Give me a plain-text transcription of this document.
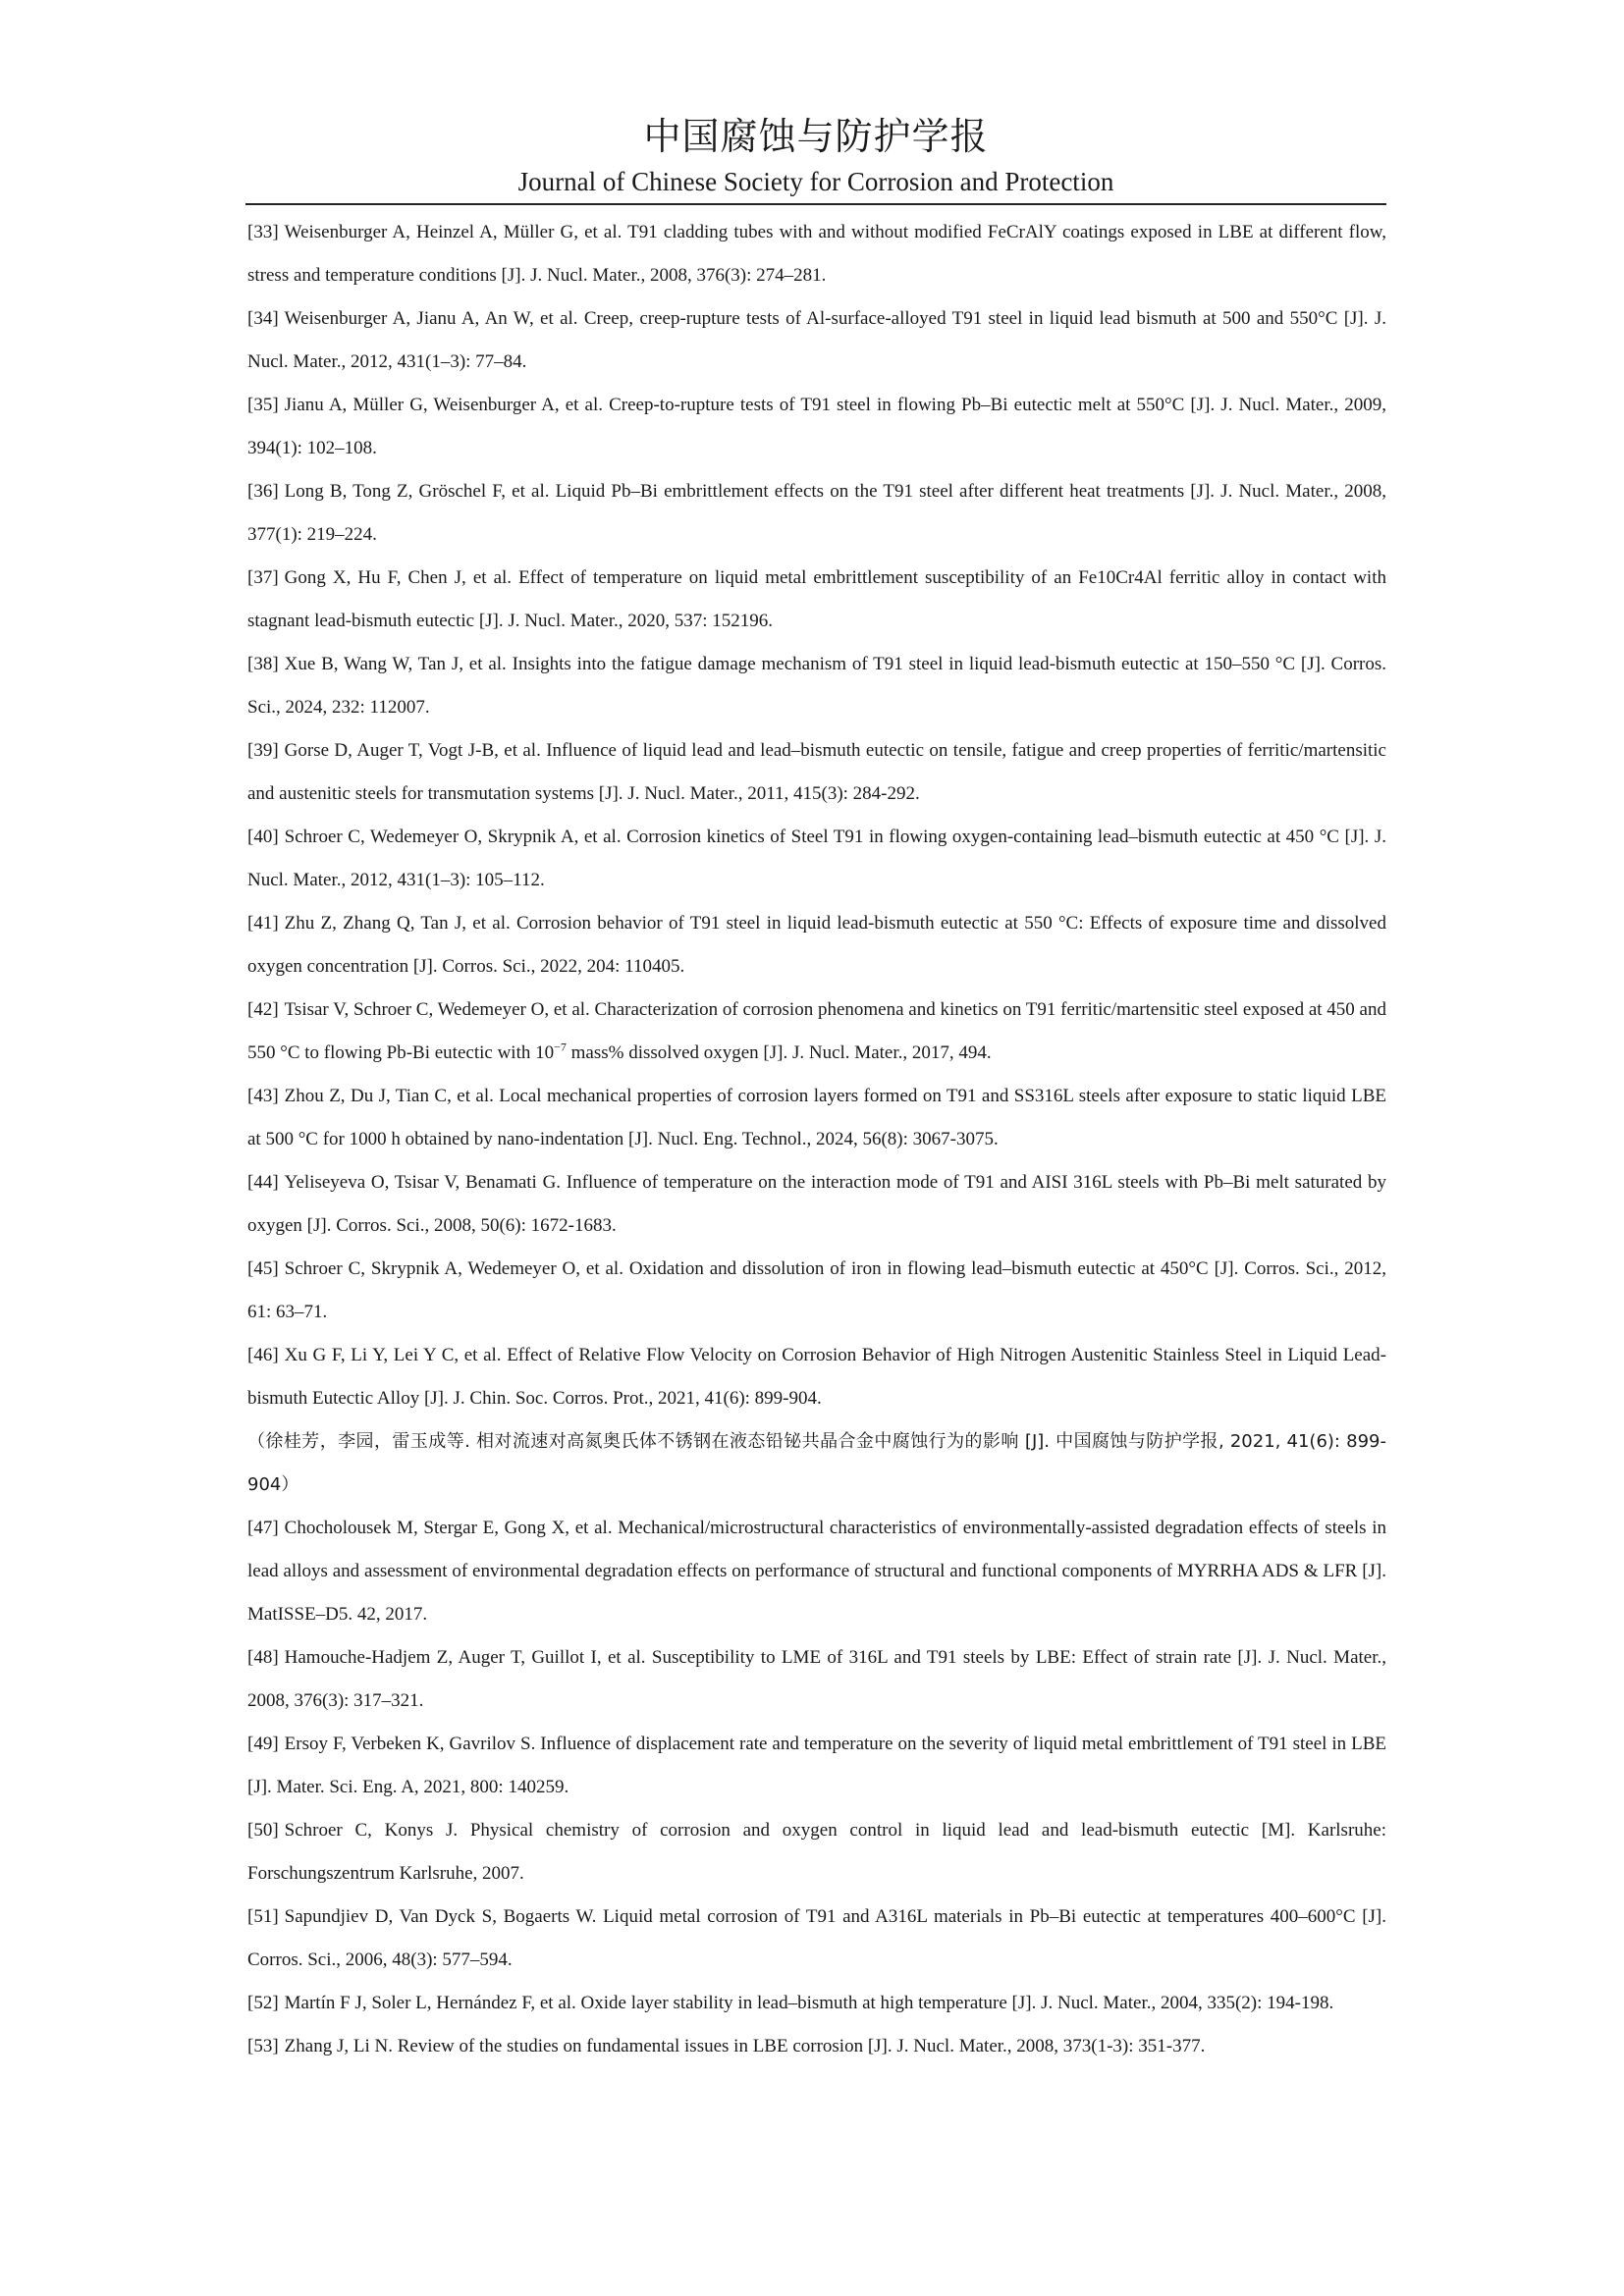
中国腐蚀与防护学报
Journal of Chinese Society for Corrosion and Protection

[33] Weisenburger A, Heinzel A, Müller G, et al. T91 cladding tubes with and without modified FeCrAlY coatings exposed in LBE at different flow, stress and temperature conditions [J]. J. Nucl. Mater., 2008, 376(3): 274–281.

[34] Weisenburger A, Jianu A, An W, et al. Creep, creep-rupture tests of Al-surface-alloyed T91 steel in liquid lead bismuth at 500 and 550°C [J]. J. Nucl. Mater., 2012, 431(1–3): 77–84.

[35] Jianu A, Müller G, Weisenburger A, et al. Creep-to-rupture tests of T91 steel in flowing Pb–Bi eutectic melt at 550°C [J]. J. Nucl. Mater., 2009, 394(1): 102–108.

[36] Long B, Tong Z, Gröschel F, et al. Liquid Pb–Bi embrittlement effects on the T91 steel after different heat treatments [J]. J. Nucl. Mater., 2008, 377(1): 219–224.

[37] Gong X, Hu F, Chen J, et al. Effect of temperature on liquid metal embrittlement susceptibility of an Fe10Cr4Al ferritic alloy in contact with stagnant lead-bismuth eutectic [J]. J. Nucl. Mater., 2020, 537: 152196.

[38] Xue B, Wang W, Tan J, et al. Insights into the fatigue damage mechanism of T91 steel in liquid lead-bismuth eutectic at 150–550 °C [J]. Corros. Sci., 2024, 232: 112007.

[39] Gorse D, Auger T, Vogt J-B, et al. Influence of liquid lead and lead–bismuth eutectic on tensile, fatigue and creep properties of ferritic/martensitic and austenitic steels for transmutation systems [J]. J. Nucl. Mater., 2011, 415(3): 284-292.

[40] Schroer C, Wedemeyer O, Skrypnik A, et al. Corrosion kinetics of Steel T91 in flowing oxygen-containing lead–bismuth eutectic at 450 °C [J]. J. Nucl. Mater., 2012, 431(1–3): 105–112.

[41] Zhu Z, Zhang Q, Tan J, et al. Corrosion behavior of T91 steel in liquid lead-bismuth eutectic at 550 °C: Effects of exposure time and dissolved oxygen concentration [J]. Corros. Sci., 2022, 204: 110405.

[42] Tsisar V, Schroer C, Wedemeyer O, et al. Characterization of corrosion phenomena and kinetics on T91 ferritic/martensitic steel exposed at 450 and 550 °C to flowing Pb-Bi eutectic with $10^{-7}$ mass% dissolved oxygen [J]. J. Nucl. Mater., 2017, 494.

[43] Zhou Z, Du J, Tian C, et al. Local mechanical properties of corrosion layers formed on T91 and SS316L steels after exposure to static liquid LBE at 500 °C for 1000 h obtained by nano-indentation [J]. Nucl. Eng. Technol., 2024, 56(8): 3067-3075.

[44] Yeliseyeva O, Tsisar V, Benamati G. Influence of temperature on the interaction mode of T91 and AISI 316L steels with Pb–Bi melt saturated by oxygen [J]. Corros. Sci., 2008, 50(6): 1672-1683.

[45] Schroer C, Skrypnik A, Wedemeyer O, et al. Oxidation and dissolution of iron in flowing lead–bismuth eutectic at 450°C [J]. Corros. Sci., 2012, 61: 63–71.

[46] Xu G F, Li Y, Lei Y C, et al. Effect of Relative Flow Velocity on Corrosion Behavior of High Nitrogen Austenitic Stainless Steel in Liquid Lead-bismuth Eutectic Alloy [J]. J. Chin. Soc. Corros. Prot., 2021, 41(6): 899-904.

（徐桂芳，李园，雷玉成等. 相对流速对高氮奥氏体不锈钢在液态铅铋共晶合金中腐蚀行为的影响 [J]. 中国腐蚀与防护学报, 2021, 41(6): 899-904）

[47] Chocholousek M, Stergar E, Gong X, et al. Mechanical/microstructural characteristics of environmentally-assisted degradation effects of steels in lead alloys and assessment of environmental degradation effects on performance of structural and functional components of MYRRHA ADS & LFR [J]. MatISSE–D5. 42, 2017.

[48] Hamouche-Hadjem Z, Auger T, Guillot I, et al. Susceptibility to LME of 316L and T91 steels by LBE: Effect of strain rate [J]. J. Nucl. Mater., 2008, 376(3): 317–321.

[49] Ersoy F, Verbeken K, Gavrilov S. Influence of displacement rate and temperature on the severity of liquid metal embrittlement of T91 steel in LBE [J]. Mater. Sci. Eng. A, 2021, 800: 140259.

[50] Schroer C, Konys J. Physical chemistry of corrosion and oxygen control in liquid lead and lead-bismuth eutectic [M]. Karlsruhe: Forschungszentrum Karlsruhe, 2007.

[51] Sapundjiev D, Van Dyck S, Bogaerts W. Liquid metal corrosion of T91 and A316L materials in Pb–Bi eutectic at temperatures 400–600°C [J]. Corros. Sci., 2006, 48(3): 577–594.

[52] Martín F J, Soler L, Hernández F, et al. Oxide layer stability in lead–bismuth at high temperature [J]. J. Nucl. Mater., 2004, 335(2): 194-198.

[53] Zhang J, Li N. Review of the studies on fundamental issues in LBE corrosion [J]. J. Nucl. Mater., 2008, 373(1-3): 351-377.
